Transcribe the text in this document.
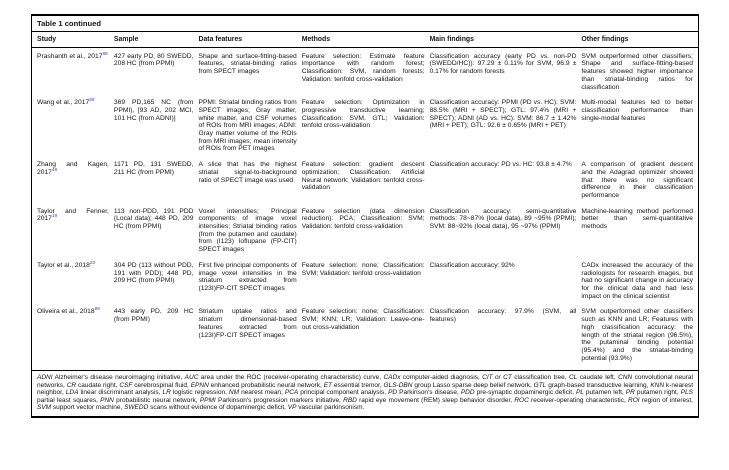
Table 1 continued
Study	Sample	Data features	Methods	Main findings	Other findings
Prashanth et al., 2017$^{88}$	427 early PD, 80 SWEDD, 208 HC (from PPMI)	Shape and surface-fitting-based features, striatal-binding ratios from SPECT images	Feature selection: Estimate feature importance with random forest; Classification: SVM, random forests; Validation: tenfold cross-validation	Classification accuracy (early PD vs. non-PD (SWEDD/HC)): 97.29 ± 0.11% for SVM, 96.9 ± 0.17% for random forests	SVM outperformed other classifiers; Shape and surface-fitting-based features showed higher importance than striatal-binding ratios for classification
Wang et al., 2017$^{98}$	369 PD,165 NC (from PPMI), [93 AD, 202 MCI, 101 HC (from ADNI)]	PPMI: Striatal binding ratios from SPECT images; Gray matter, white matter, and CSF volumes of ROIs from MRI images; ADNI: Gray matter volume of the ROIs from MRI images; mean intensity of ROIs from PET images	Feature selection: Optimization in progressive transductive learning; Classification: SVM, GTL; Validation: tenfold cross-validation	Classification accuracy: PPMI (PD vs. HC): SVM: 88.5% (MRI + SPECT); GTL: 97.4% (MRI + SPECT); ADNI (AD vs. HC): SVM: 86.7 ± 1.42% (MRI + PET); GTL: 92.6 ± 0.65% (MRI + PET)	Multi-modal features led to better classification performance than single-modal features
Zhang and Kagen, 2017$^{49}$	1171 PD, 131 SWEDD, 211 HC (from PPMI)	A slice that has the highest striatal signal-to-background ratio of SPECT image was used	Feature selection: gradient descent optimization; Classification: Artificial Neural network; Validation: tenfold cross-validation	Classification accuracy: PD vs. HC: 93.8 ± 4.7%	A comparison of gradient descent and the Adagrad optimizer showed that there was no significant difference in their classification performance
Taylor and Fenner, 2017$^{19}$	113 non-PDD, 191 PDD (Local data); 448 PD, 209 HC (from PPMI)	Voxel intensities; Principal components of image voxel intensities; Striatal binding ratios (from the putamen and caudate) from (I123) Ioflupane (FP-CIT) SPECT images	Feature selection (data dimension reduction): PCA; Classification: SVM; Validation: tenfold cross-validation	Classification accuracy: semi-quantitative methods: 78~87% (local data), 89 ~95% (PPMI); SVM: 88~92% (local data), 95 ~97% (PPMI)	Machine-learning method performed better than semi-quantitative methods
Taylor et al., 2018$^{20}$	304 PD (113 without PDD, 191 with PDD); 448 PD, 209 HC (from PPMI)	First five principal components of image voxel intensities in the striatum extracted from (123I)FP-CIT SPECT images	Feature selection: none; Classification: SVM; Validation: tenfold cross-validation	Classification accuracy: 92%	CADx increased the accuracy of the radiologists for research images, but had no significant change in accuracy for the clinical data and had less impact on the clinical scientist
Oliveira et al., 2018$^{89}$	443 early PD, 209 HC (from PPMI)	Striatum uptake ratios and striatum dimensional-based features extracted from (123I)FP-CIT SPECT images	Feature selection: none; Classification: SVM; KNN; LR; Validation: Leave-one-out cross-validation	Classification accuracy: 97.9% (SVM, all features)	SVM outperformed other classifiers such as KNN and LR; Features with high classification accuracy: the length of the striatal region (96.5%), the putaminal binding potential (95.4%) and the striatal-binding potential (93.9%)
ADNI Alzheimer's disease neuroimaging initiative, AUC area under the ROC (receiver-operating characteristic) curve, CADx computer-aided diagnosis, CIT or CT classification tree, CL caudate left, CNN convolutional neural networks, CR caudate right, CSF cerebrospinal fluid, EPNN enhanced probabilistic neural network, ET essential tremor, GLS-DBN group Lasso sparse deep belief network, GTL graph-based transductive learning, KNN k-nearest neighbor, LDA linear discriminant analysis, LR logistic regression, NM nearest mean, PCA principal component analysis, PD Parkinson's disease, PDD pre-synaptic dopaminergic deficit, PL putamen left, PR putamen right, PLS partial least squares, PNN probabilistic neural network, PPMI Parkinson's progression markers initiative, RBD rapid eye movement (REM) sleep behavior disorder, ROC receiver-operating characteristic, ROI region of interest, SVM support vector machine, SWEDD scans without evidence of dopaminergic deficit, VP vascular parkinsonism.
